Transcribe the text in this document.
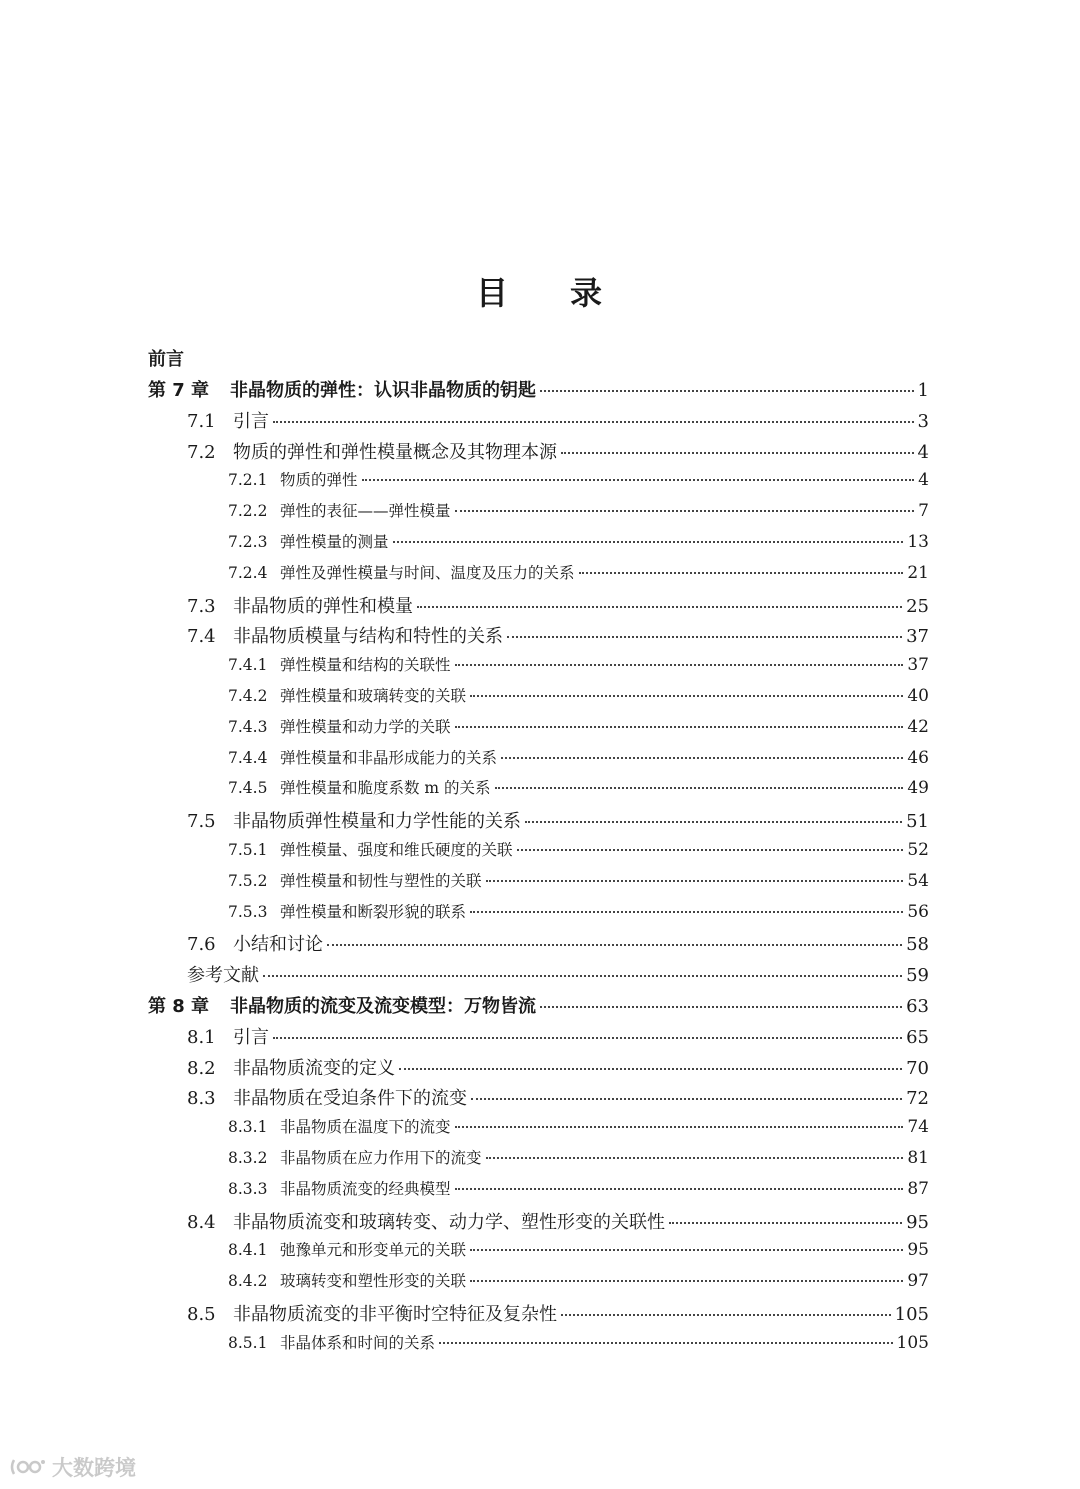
目 录
前言
第 7 章	非晶物质的弹性：认识非晶物质的钥匙	1
7.1 引言	3
7.2 物质的弹性和弹性模量概念及其物理本源	4
7.2.1 物质的弹性	4
7.2.2 弹性的表征——弹性模量	7
7.2.3 弹性模量的测量	13
7.2.4 弹性及弹性模量与时间、温度及压力的关系	21
7.3 非晶物质的弹性和模量	25
7.4 非晶物质模量与结构和特性的关系	37
7.4.1 弹性模量和结构的关联性	37
7.4.2 弹性模量和玻璃转变的关联	40
7.4.3 弹性模量和动力学的关联	42
7.4.4 弹性模量和非晶形成能力的关系	46
7.4.5 弹性模量和脆度系数 m 的关系	49
7.5 非晶物质弹性模量和力学性能的关系	51
7.5.1 弹性模量、强度和维氏硬度的关联	52
7.5.2 弹性模量和韧性与塑性的关联	54
7.5.3 弹性模量和断裂形貌的联系	56
7.6 小结和讨论	58
参考文献	59
第 8 章	非晶物质的流变及流变模型：万物皆流	63
8.1 引言	65
8.2 非晶物质流变的定义	70
8.3 非晶物质在受迫条件下的流变	72
8.3.1 非晶物质在温度下的流变	74
8.3.2 非晶物质在应力作用下的流变	81
8.3.3 非晶物质流变的经典模型	87
8.4 非晶物质流变和玻璃转变、动力学、塑性形变的关联性	95
8.4.1 弛豫单元和形变单元的关联	95
8.4.2 玻璃转变和塑性形变的关联	97
8.5 非晶物质流变的非平衡时空特征及复杂性	105
8.5.1 非晶体系和时间的关系	105
大数跨境
